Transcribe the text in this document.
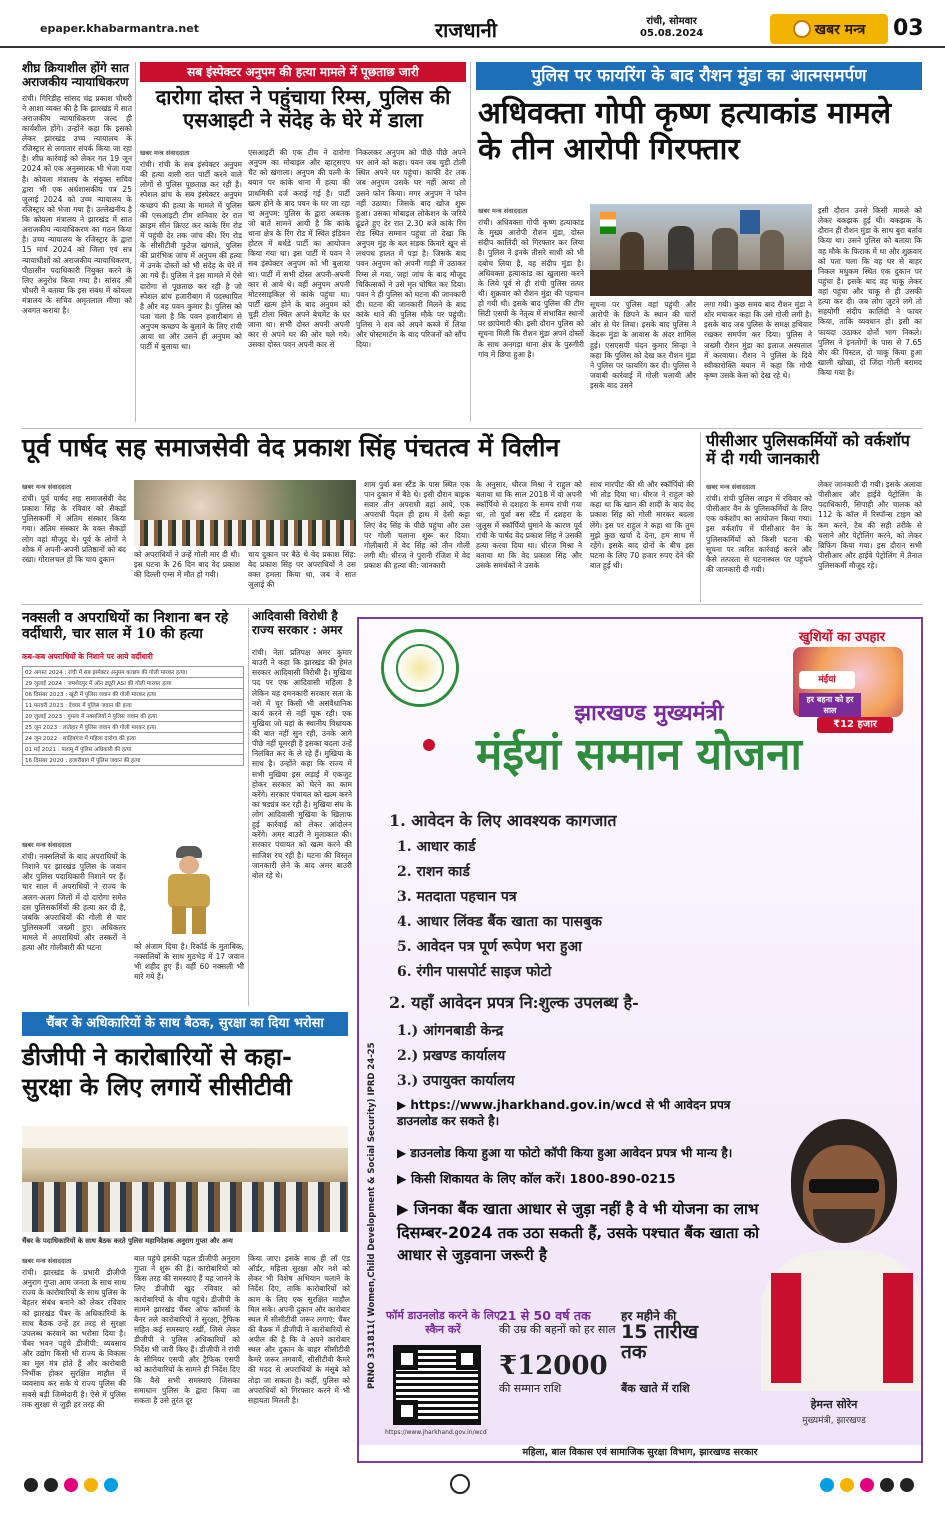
epaper.khabarmantra.net	राजधानी	रांची, सोमवार
05.08.2024	खबर मन्त्र 03
शीघ्र क्रियाशील होंगे सात अराजकीय न्यायाधिकरण
रांची। गिरिडीह सांसद चंद्र प्रकाश चौधरी ने आशा व्यक्त की है कि झारखंड में सात अराजकीय न्यायाधिकरण जल्द ही कार्यशील होंगे। उन्होंने कहा कि इसको लेकर झारखंड उच्च न्यायालय के रजिस्ट्रार से लगातार संपर्क किया जा रहा है। शीघ्र कार्रवाई को लेकर गत 19 जून 2024 को एक अनुस्मारक भी भेजा गया है। कोयला मंत्रालय के संयुक्त सचिव द्वारा भी एक अर्धशासकीय पत्र 25 जुलाई 2024 को उच्च न्यायालय के रजिस्ट्रार को भेजा गया है। उल्लेखनीय है कि कोयला मंत्रालय ने झारखंड में सात अराजकीय न्यायाधिकरण का गठन किया है। उच्च न्यायालय के रजिस्ट्रार के द्वारा 15 मार्च 2024 को जिला एवं सत्र न्यायाधीशों को अराजकीय न्यायाधिकरण, पीठासीन पदाधिकारी नियुक्त करने के लिए अनुरोध किया गया है। सांसद श्री चौधरी ने बताया कि इस संबंध में कोयला मंत्रालय के सचिव अमृतलाल मीणा को अवगत कराया है।
सब इंस्पेक्टर अनुपम की हत्या मामले में पूछताछ जारी
दारोगा दोस्त ने पहुंचाया रिम्स, पुलिस की एसआइटी ने संदेह के घेरे में डाला
खबर मन्त्र संवाददाता
रांची। रांची के सब इंस्पेक्टर अनुपम की हत्या वाली रात पार्टी करने वाले लोगों से पुलिस पूछताछ कर रही है। स्पेशल ब्रांच के सब इंस्पेक्टर अनुपम कच्छप की हत्या के मामले में पुलिस की एसआइटी टीम शनिवार देर रात क्राइम सीन क्रिएट कर काके रिंग रोड में पहुंची देर तक जांच की। रिंग रोड के सीसीटीवी फुटेज खंगाले, पुलिस की प्रारंभिक जांच में अनुपम की हत्या में उनके दोस्तों को भी संदेह के घेरे में आ गये हैं। पुलिस ने इस मामले में ऐसे दारोगा से पूछताछ कर रही है जो स्पेशल ब्रांच हजारीबाग में पदस्थापित है और वह पवन कुमार है। पुलिस को पता चला है कि पवन हजारीबाग से अनुपम कच्छप के बुलाने के लिए रांची आया था और उसने ही अनुपम को पार्टी में बुलाया था।
एसआइटी की एक टीम ने दारोगा अनुपम का मोबाइल और व्हाट्सएप चैट को खंगाला। अनुपम की पत्नी के बयान पर कांके थाना में हत्या की प्राथमिकी दर्ज कराई गई है। पार्टी खत्म होने के बाद पवन के घर जा रहा था अनुपम: पुलिस के द्वारा अबतक जो बातें सामने आयी है कि कांके थाना क्षेत्र के रिंग रोड में स्थित इंडियन होटल में बर्थडे पार्टी का आयोजन किया गया था। इस पार्टी में पवन ने सब इंस्पेक्टर अनुपम को भी बुलाया था। पार्टी में सभी दोस्त अपनी-अपनी कार से आये थे। वहीं अनुपम अपनी मोटरसाइकिल से कांके पहुंचा था। पार्टी खत्म होने के बाद अनुपम को चुड़ी टोला स्थित अपने बेचमेंट के घर जाना था। सभी दोस्त अपनी अपनी कार से अपने घर की ओर चले गये। उसका दोस्त पवन अपनी कार से
निकलकर अनुपम को पीछे पीछे अपने घर आने को कहा। पवन जब चुड़ी टोली स्थित अपने घर पहुंचा। काफी देर तक जब अनुपम उसके घर नहीं आया तो उसने फोन किया। मगर अनुपम ने फोन नहीं उठाया। जिसके बाद खोज शुरू हुआ। उसका मोबाइल लोकेशन के जरिये ढूंढते हुए देर रात 2.30 बजे कांके रिंग रोड स्थित सम्मान पहुंचा तो देखा कि अनुपम मुंह के बल सड़क किनारे खून से लथपथ हालत में पड़ा है। जिसके बाद पवन अनुपम को अपनी गाड़ी में उठाकर रिम्स ले गया, जहां जांच के बाद मौजूद चिकित्सकों ने उसे मृत घोषित कर दिया। पवन ने ही पुलिस को घटना की जानकारी दी। घटना की जानकारी मिलने के बाद कांके थाने की पुलिस मौके पर पहुंची। पुलिस ने शव को अपने कब्जे में लिया और पोस्टमार्टम के बाद परिजनों को सौंप दिया।
पुलिस पर फायरिंग के बाद रौशन मुंडा का आत्मसमर्पण
अधिवक्ता गोपी कृष्ण हत्याकांड मामले के तीन आरोपी गिरफ्तार
खबर मन्त्र संवाददाता
रांची। अधिवक्ता गोपी कृष्ण हत्याकांड के मुख्य आरोपी रौशन मुंडा, दोस्त संदीप कालिंदी को गिरफ्तार कर लिया है। पुलिस ने इनके तीसरे साथी को भी दबोच लिया है, वह संदीप मुंडा है। अधिवक्ता हत्याकांड का खुलासा करने के लिये पूर्व से ही रांची पुलिस तत्पर थी। शुक्रवार को रौशन मुंडा की पहचान हो गयी थी। इसके बाद पुलिस की टीम सिटी एसपी के नेतृत्व में संभावित स्थानों पर छापेमारी की। इसी दौरान पुलिस को सूचना मिली कि रौशन मुंडा अपने दोस्तों के साथ अनगड़ा थाना क्षेत्र के पुरुगीरी गांव में छिपा हुआ है।
सूचना पर पुलिस वहां पहुंची और आरोपी के छिपने के स्थान की चारों ओर से घेर लिया। इसके बाद पुलिस ने केंदरू मुंडा के आवास के अंदर शामिल हुई। एसएसपी चंदन कुमार सिन्हा ने कहा कि पुलिस को देख कर रौशन मुंडा ने पुलिस पर फायरिंग कर दी। पुलिस ने जवाबी कार्रवाई में गोली चलायी और इसके बाद उसने
लगा गयी। कुछ समय बाद रौशन मुंडा ने शोर मचाकर कहा कि उसे गोली लगी है। इसके बाद जब पुलिस के समक्ष हथियार रखकर समर्पण कर दिया। पुलिस ने जख्मी रौशन मुंडा का इलाज अस्पताल में करवाया। रौशन ने पुलिस के दिये स्वीकारोक्ति बयान में कहा कि गोपी कृष्ण उसके केस को देख रहे थे।
इसी दौरान उनसे किसी मामले को लेकर बकझक हुई थी। बकझक के दौरान ही रौशन मुंडा के साथ बुरा बर्ताव किया था। उसने पुलिस को बताया कि वह मौके के फिराक में था और शुक्रवार को पता चला कि वह घर से बाहर निकल मधुकम स्थित एक दुकान पर पहुंचा है। इसके बाद वह चाकू लेकर वहां पहुंचा और चाकू से ही उसकी हत्या कर दी। जब लोग जुटने लगे तो सहयोगी संदीप कालिंदी ने फायर किया, ताकि व्यवधान हो। इसी का फायदा उठाकर दोनों भाग निकले। पुलिस ने इनलोगों के पास से 7.65 बोर की पिस्टल, दो चाकू किया हुआ खाली खोखा, दो जिंदा गोली बरामद किया गया है।
पूर्व पार्षद सह समाजसेवी वेद प्रकाश सिंह पंचतत्व में विलीन
खबर मन्त्र संवाददाता
रांची। पूर्व पार्षद सह समाजसेवी वेद प्रकाश सिंह के रविवार को सैकड़ों पुलिसकर्मी में अंतिम संस्कार किया गया। अंतिम संस्कार के वक्त सैकड़ों लोग वहां मौजूद थे। पूर्व के लोगों ने शोक में अपनी-अपनी प्रतिष्ठानों को बंद रखा। गोरालचल हो कि चाय दुकान
को अपराधियों ने उन्हें गोली मार दी थी। इस घटना के 26 दिन बाद वेद प्रकाश की दिल्ली एम्स में मौत हो गयी।
चाय दुकान पर बैठे थे वेद प्रकाश सिंह: वेद प्रकाश सिंह पर अपराधियों ने उस वक्त हमला किया था, जब वे सात जुलाई की
शाम पुर्वा बस स्टैंड के पास स्थित एक पान दुकान में बैठे थे। इसी दौरान बाइक सवार तीन अपराधी वहां आये, एक अपराधी पैदल ही हाथ में देसी कट्टा लिए वेद सिंह के पीछे पहुंचा और उस पर गोली चलाना शुरू कर दिया। गोलीबारी में वेद सिंह को तीन गोली लगी थी। धीरज ने पुरानी रंजिश में वेद प्रकाश की हत्या की: जानकारी
के अनुसार, धीरज मिश्रा ने राहुल को बताया था कि साल 2018 में वो अपनी स्कॉर्पियो से दशहरा के समय रांची गया था, तो पुर्वा बस स्टैंड में दशहरा के जुलूस में स्कॉर्पियो घुमाने के कारण पूर्व रांची के पार्षद वेद प्रकाश सिंह ने उसकी हत्या करवा दिया था। धीरज मिश्रा ने बताया था कि वेद प्रकाश सिंह और उसके समर्थकों ने उसके
साथ मारपीट की थी और स्कॉर्पियो की भी तोड़ दिया था। धीरज ने राहुल को कहा था कि खान की शादी के बाद वेद प्रकाश सिंह को गोली मारकर बदला लेंगे। इस पर राहुल ने कहा था कि तुम मुझे कुछ खर्चा दे देना, हम साथ में रहेंगे। इसके बाद दोनों के बीच इस घटना के लिए 70 हजार रुपए देने की बात हुई थी।
पीसीआर पुलिसकर्मियों को वर्कशॉप में दी गयी जानकारी
खबर मन्त्र संवाददाता
रांची। रांची पुलिस लाइन में रविवार को पीसीआर वैन के पुलिसकर्मियों के लिए एक वर्कशॉप का आयोजन किया गया। इस वर्कशॉप में पीसीआर वैन के पुलिसकर्मियों को किसी घटना की सूचना पर त्वरित कार्रवाई करने और कैसे तत्परता से घटनास्थल पर पहुंचने की जानकारी दी गयी।
लेकर जानकारी दी गयी। इसके अलावा पीसीआर और हाईवे पेट्रोलिंग के पदाधिकारी, सिपाही और चालक को 112 के कॉल में रिस्पॉन्स टाइम को कम करने, टैब की सही तरीके से चलाने और पेट्रोलिंग करने, को लेकर ब्रिफिंग किया गया। इस दौरान सभी पीसीआर और हाईवे पेट्रोलिंग में तैनात पुलिसकर्मी मौजूद रहे।
नक्सली व अपराधियों का निशाना बन रहे वर्दीधारी, चार साल में 10 की हत्या
कब-कब अपराधियों के निशाने पर आये वर्दीधारी
02 अगस्त 2024 : रांची में सब इंस्पेक्टर अनुपम कच्छप की गोली मारकर हत्या।
29 जुलाई 2024 : जमशेदपुर में ऑन ड्यूटी ASI की गोली मारकर हत्या
06 दिसंबर 2023 : खूंटी में पुलिस जवान की गोली मारकर हत्या
11 फरवरी 2023 : देवघर में पुलिस जवान की हत्या
20 जुलाई 2023 : गुमला में नक्सलियों ने पुलिस जवान की हत्या
25 जून 2023 : लातेहार में पुलिस जवान की गोली मारकर हत्या
24 जून 2022 : साहिबगंज में महिला दारोगा की हत्या
01 मई 2021 : पलामू में पुलिस अधिकारी की हत्या
16 दिसंबर 2020 : हजारीबाग में पुलिस जवान की हत्या
खबर मन्त्र संवाददाता
रांची। नक्सलियों के बाद अपराधियों के निशाने पर झारखंड पुलिस के जवान और पुलिस पदाधिकारी निशाने पर हैं। चार साल में अपराधियों ने राज्य के अलग-अलग जिलों में दो दारोगा समेत दस पुलिसकर्मियों की हत्या कर दी है, जबकि अपराधियों की गोली से चार पुलिसकर्मी जख्मी हुए। अधिकतर मामले में अपराधियों और तस्करों ने हत्या और गोलीबारी की घटना	को अंजाम दिया है। रिकॉर्ड के मुताबिक, नक्सलियों के साथ मुठभेड़ में 17 जवान भी शहीद हुए हैं। वहीं 60 नक्सली भी मारे गये हैं।
आदिवासी विरोधी है राज्य सरकार : अमर
रांची। नेता प्रतिपक्ष अमर कुमार बाउरी ने कहा कि झारखंड की हेमंत सरकार आदिवासी विरोधी है। मुखिया पद पर एक आदिवासी महिला है लेकिन यह दमनकारी सरकार सता के नशे में चूर किसी भी असंवैधानिक कार्य करने से नहीं चूक रही। एक मुखिया जो यहां के स्थानीय विधायक की बात नहीं सुन रही, उनके आगे पीछे नहीं घूमरही है इसका बदला उन्हें निलंबित कर के ले रहे हैं। मुखिया के साथ है। उन्होंने कहा कि राज्य में सभी मुखिया इस लड़ाई में एकजुट होकर सरकार को घेरने का काम करेंगे। सरकार पंचायत को खत्म करने का षड्यंत्र कर रही है। मुखिया संघ के लोग आदिवासी मुखिया के खिलाफ हुई कार्रवाई को लेकर आंदोलन करेंगे। अमर बाउरी ने मुलाकात की। सरकार पंचायत को खत्म करने की साजिश रच रही है। घटना की विस्तृत जानकारी लेने के बाद अमर बाउरी बोल रहे थे।
चैंबर के अधिकारियों के साथ बैठक, सुरक्षा का दिया भरोसा
डीजीपी ने कारोबारियों से कहा- सुरक्षा के लिए लगायें सीसीटीवी
चैंबर के पदाधिकारियों के साथ बैठक करते पुलिस महानिदेशक अनुराग गुप्ता और अन्य
खबर मन्त्र संवाददाता
रांची। झारखंड के प्रभारी डीजीपी अनुराग गुप्ता आम जनता के साथ साथ राज्य के कारोबारियों के साथ पुलिस के बेहतर संबंध बनाने को लेकर रविवार को झारखंड चैंबर के अधिकारियों के साथ बैठक उन्हें हर तरह से सुरक्षा उपलब्ध करवाने का भरोसा दिया है। चैंबर भवन पहुंचे डीजीपी: व्यवसाय और उद्योग किसी भी राज्य के विकास का मूल मंत्र होते हैं और कारोबारी निर्भीक होकर सुरक्षित माहौल में व्यवसाय कर सके ये राज्य पुलिस की सबसे बड़ी जिम्मेदारी है। ऐसे में पुलिस तक सुरक्षा से जुड़ी हर तरह की
बात पहुंचे इसकी पहल डीजीपी अनुराग गुप्ता ने शुरू की है। कारोबारियों को किस तरह की समस्याएं हैं यह जानने के लिए डीजीपी खुद रविवार को कारोबारियों के बीच पहुंचे। डीजीपी के सामने झारखंड चैंबर ऑफ कॉमर्स के बैनर तले कारोबारियों ने सुरक्षा, ट्रैफिक सहित कई समस्याएं रखीं, जिसे लेकर डीजीपी ने पुलिस अधिकारियों को निर्देश भी जारी किए हैं। डीजीपी ने रांची के सीनियर एसपी और ट्रैफिक एसपी को कारोबारियों के सामने ही निर्देश दिए कि वैसे सभी समस्याएं जिसका समाधान पुलिस के द्वारा किया जा सकता है उसे तुरंत दूर
किया जाए। इसके साथ ही लॉ एंड ऑर्डर, महिला सुरक्षा और नशे को लेकर भी विशेष अभियान चलाने के निर्देश दिए, ताकि कारोबारियों को काम के लिए एक सुरक्षित माहौल मिल सके। अपनी दुकान और कारोबार स्थल में सीसीटीवी जरूर लगाएं: चैंबर की बैठक में डीजीपी ने कारोबारियों से अपील की है कि वे अपने कारोबार स्थल और दुकान के बाहर सीसीटीवी कैमरे जरूर लगवायें, सीसीटीवी कैमरे की मदद से अपराधियों के मंसूबे को तोड़ा जा सकता है। कहीं, पुलिस को अपराधियों को गिरफ्तार करने में भी सहायता मिलती है।
खुशियों का उपहार
मंईयां
हर बहना को हर साल
₹12 हजार
झारखण्ड मुख्यमंत्री
मंईयां सम्मान योजना
1. आवेदन के लिए आवश्यक कागजात
1. आधार कार्ड
2. राशन कार्ड
3. मतदाता पहचान पत्र
4. आधार लिंक्ड बैंक खाता का पासबुक
5. आवेदन पत्र पूर्ण रूपेण भरा हुआ
6. रंगीन पासपोर्ट साइज फोटो
2. यहाँ आवेदन प्रपत्र नि:शुल्क उपलब्ध है-
1.) आंगनबाडी केन्द्र
2.) प्रखण्ड कार्यालय
3.) उपायुक्त कार्यालय
▶ https://www.jharkhand.gov.in/wcd से भी आवेदन प्रपत्र डाउनलोड कर सकते है।
▶ डाउनलोड किया हुआ या फोटो कॉपी किया हुआ आवेदन प्रपत्र भी मान्य है।
▶ किसी शिकायत के लिए कॉल करें। 1800-890-0215
▶ जिनका बैंक खाता आधार से जुड़ा नहीं है वे भी योजना का लाभ दिसम्बर-2024 तक उठा सकती हैं, उसके पश्चात बैंक खाता को आधार से जुड़वाना जरूरी है
फॉर्म डाउनलोड करने के लिए स्कैन करें
https://www.jharkhand.gov.in/wcd
21 से 50 वर्ष तक
की उम्र की बहनों को हर साल
₹12000
की सम्मान राशि
हर महीने की
15 तारीख तक
बैंक खाते में राशि
हेमन्त सोरेन
मुख्यमंत्री, झारखण्ड
महिला, बाल विकास एवं सामाजिक सुरक्षा विभाग, झारखण्ड सरकार
PRNO 331811( Women,Child Development & Social Security) IPRD 24-25
